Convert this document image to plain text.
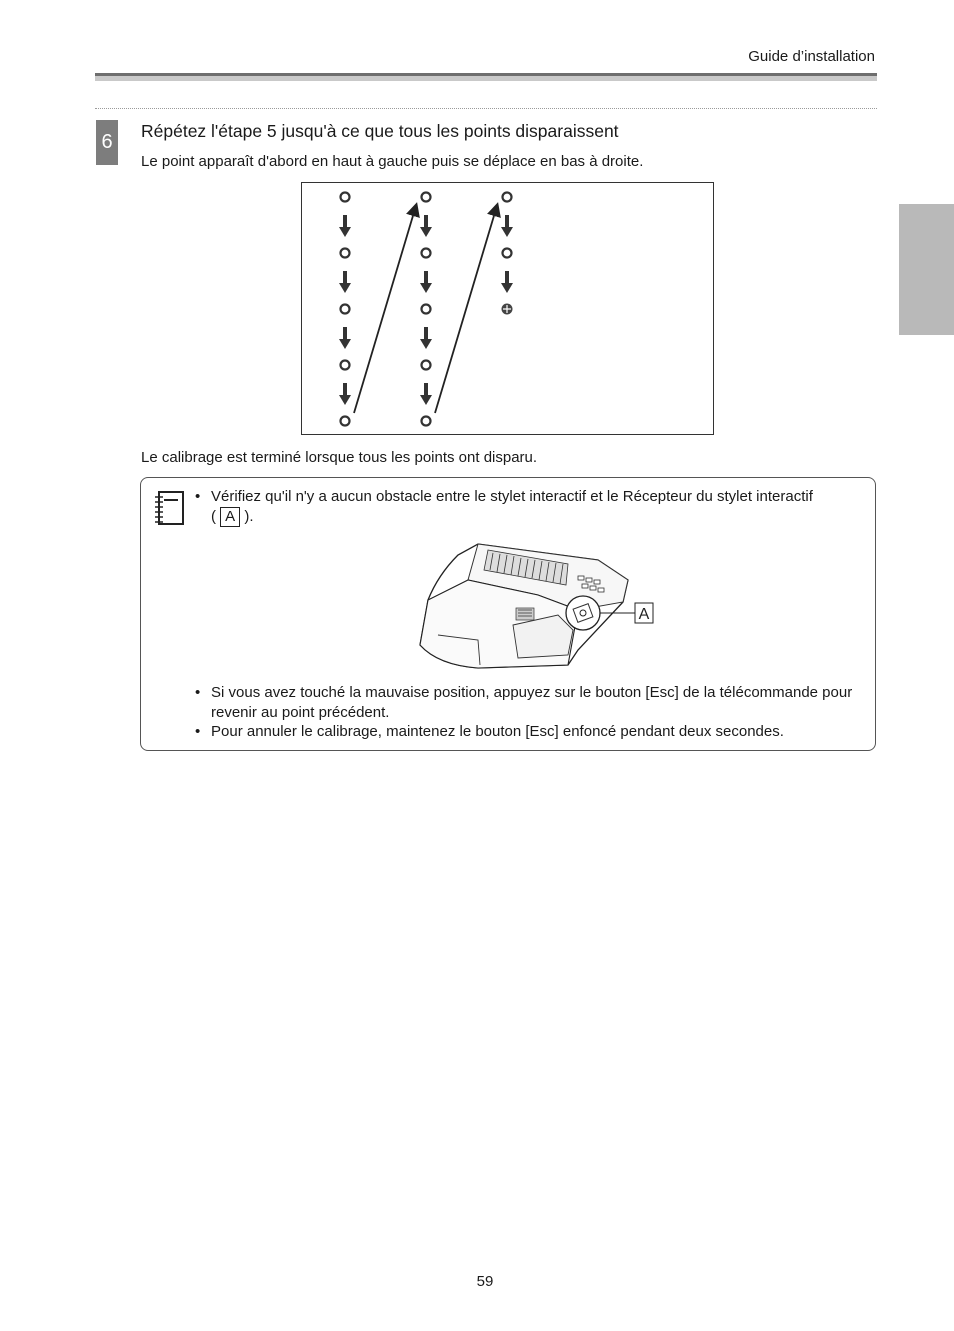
Guide d’installation
6	Répétez l'étape 5 jusqu'à ce que tous les points disparaissent
Le point apparaît d'abord en haut à gauche puis se déplace en bas à droite.
Le calibrage est terminé lorsque tous les points ont disparu.
• Vérifiez qu'il n'y a aucun obstacle entre le stylet interactif et le Récepteur du stylet interactif
( A ).
A
• Si vous avez touché la mauvaise position, appuyez sur le bouton [Esc] de la télécommande pour revenir au point précédent.
• Pour annuler le calibrage, maintenez le bouton [Esc] enfoncé pendant deux secondes.
59
